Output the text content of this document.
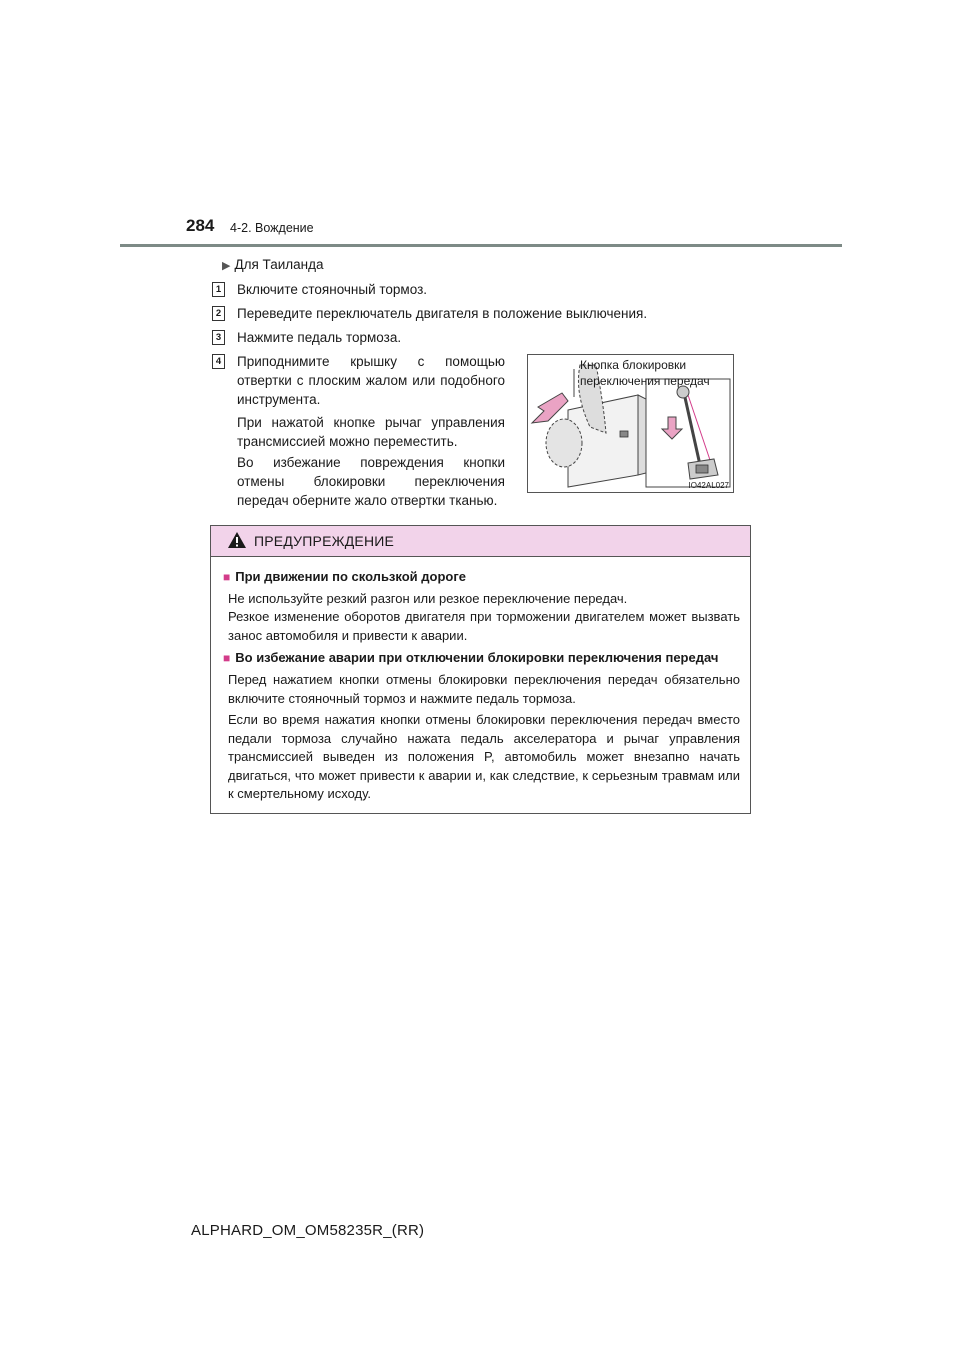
284 4-2. Вождение
▶ Для Таиланда
1 Включите стояночный тормоз.
2 Переведите переключатель двигателя в положение выключения.
3 Нажмите педаль тормоза.
4 Приподнимите крышку с помощью отвертки с плоским жалом или подобного инструмента.
При нажатой кнопке рычаг управления трансмиссией можно переместить.
Во избежание повреждения кнопки отмены блокировки переключения передач оберните жало отвертки тканью.
Кнопка блокировки
переключения передач
IO42AL027
ПРЕДУПРЕЖДЕНИЕ
■ При движении по скользкой дороге
Не используйте резкий разгон или резкое переключение передач.
Резкое изменение оборотов двигателя при торможении двигателем может вызвать занос автомобиля и привести к аварии.
■ Во избежание аварии при отключении блокировки переключения передач
Перед нажатием кнопки отмены блокировки переключения передач обязательно включите стояночный тормоз и нажмите педаль тормоза.
Если во время нажатия кнопки отмены блокировки переключения передач вместо педали тормоза случайно нажата педаль акселератора и рычаг управления трансмиссией выведен из положения P, автомобиль может внезапно начать двигаться, что может привести к аварии и, как следствие, к серьезным травмам или к смертельному исходу.
ALPHARD_OM_OM58235R_(RR)
